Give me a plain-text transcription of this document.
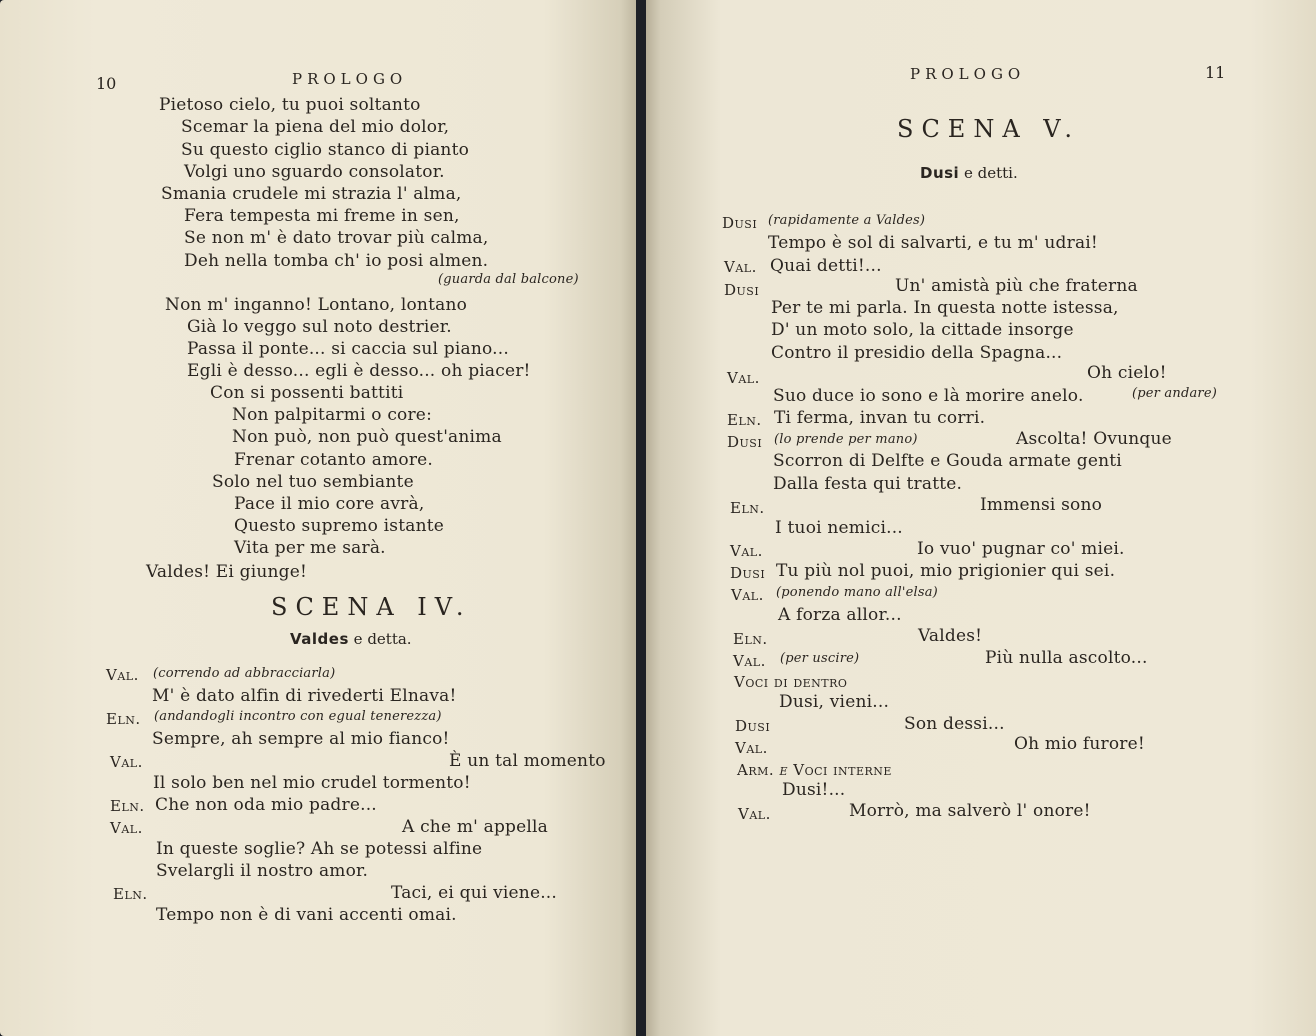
10	PROLOGO
Pietoso cielo, tu puoi soltanto
Scemar la piena del mio dolor,
Su questo ciglio stanco di pianto
Volgi uno sguardo consolator.
Smania crudele mi strazia l' alma,
Fera tempesta mi freme in sen,
Se non m' è dato trovar più calma,
Deh nella tomba ch' io posi almen.
(guarda dal balcone)
Non m' inganno! Lontano, lontano
Già lo veggo sul noto destrier.
Passa il ponte... si caccia sul piano...
Egli è desso... egli è desso... oh piacer!
Con si possenti battiti
Non palpitarmi o core:
Non può, non può quest'anima
Frenar cotanto amore.
Solo nel tuo sembiante
Pace il mio core avrà,
Questo supremo istante
Vita per me sarà.
Valdes! Ei giunge!
SCENA IV.
Valdes e detta.
Val. (correndo ad abbracciarla)
M' è dato alfin di rivederti Elnava!
Eln. (andandogli incontro con egual tenerezza)
Sempre, ah sempre al mio fianco!
Val.	È un tal momento
Il solo ben nel mio crudel tormento!
Eln. Che non oda mio padre...
Val.	A che m' appella
In queste soglie? Ah se potessi alfine
Svelargli il nostro amor.
Eln.	Taci, ei qui viene...
Tempo non è di vani accenti omai.
PROLOGO	11
SCENA V.
Dusi e detti.
Dusi (rapidamente a Valdes)
Tempo è sol di salvarti, e tu m' udrai!
Val. Quai detti!...
Dusi	Un' amistà più che fraterna
Per te mi parla. In questa notte istessa,
D' un moto solo, la cittade insorge
Contro il presidio della Spagna...
Val.	Oh cielo!
Suo duce io sono e là morire anelo.	(per andare)
Eln. Ti ferma, invan tu corri.
Dusi (lo prende per mano)	Ascolta! Ovunque
Scorron di Delfte e Gouda armate genti
Dalla festa qui tratte.
Eln.	Immensi sono
I tuoi nemici...
Val.	Io vuo' pugnar co' miei.
Dusi Tu più nol puoi, mio prigionier qui sei.
Val. (ponendo mano all'elsa)
A forza allor...
Eln.	Valdes!
Val. (per uscire)	Più nulla ascolto...
Voci di dentro
Dusi, vieni...
Dusi	Son dessi...
Val.	Oh mio furore!
Arm. e Voci interne
Dusi!...
Val.	Morrò, ma salverò l' onore!
